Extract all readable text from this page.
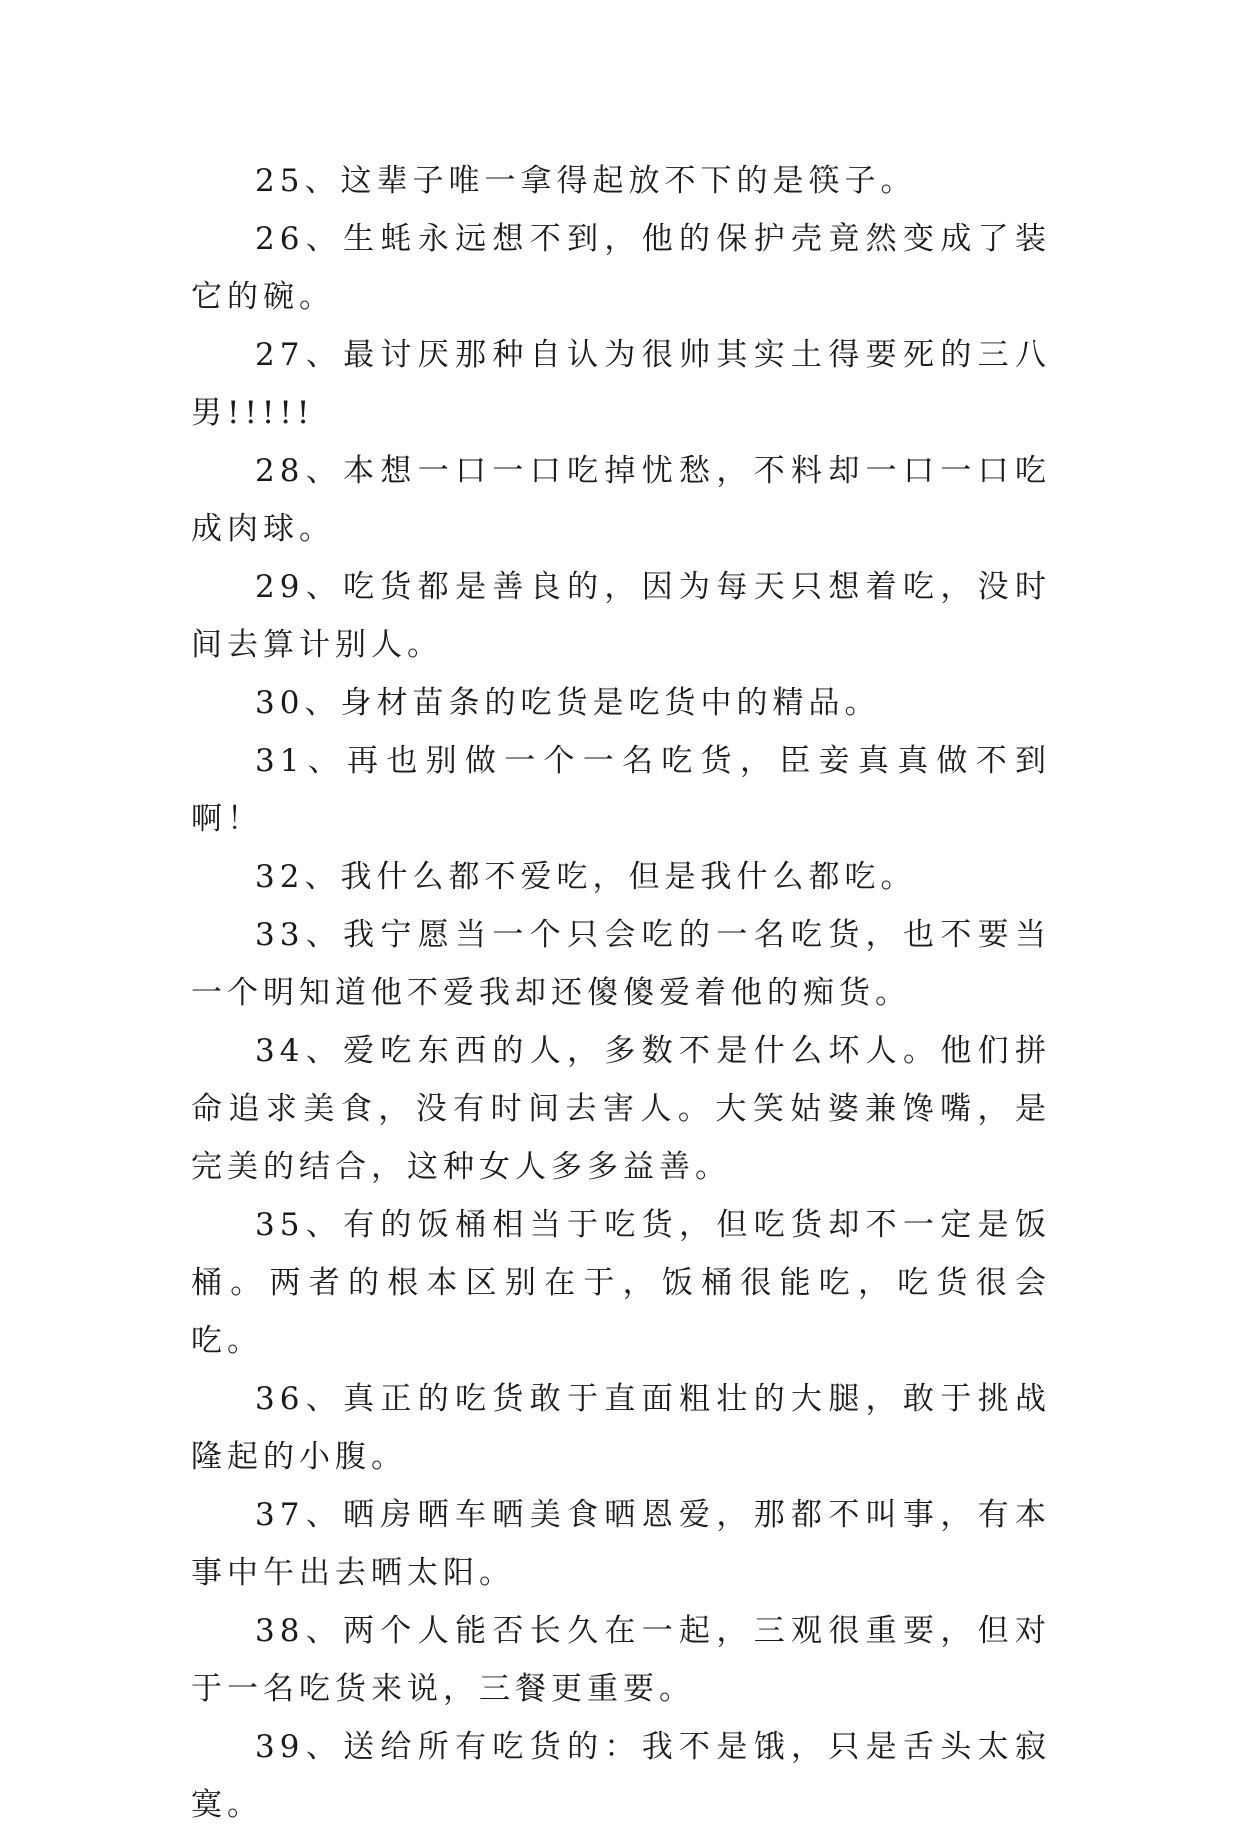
25、这辈子唯一拿得起放不下的是筷子。

26、生蚝永远想不到，他的保护壳竟然变成了装它的碗。

27、最讨厌那种自认为很帅其实土得要死的三八男!!!!!

28、本想一口一口吃掉忧愁，不料却一口一口吃成肉球。

29、吃货都是善良的，因为每天只想着吃，没时间去算计别人。

30、身材苗条的吃货是吃货中的精品。

31、再也别做一个一名吃货，臣妾真真做不到啊！

32、我什么都不爱吃，但是我什么都吃。

33、我宁愿当一个只会吃的一名吃货，也不要当一个明知道他不爱我却还傻傻爱着他的痴货。

34、爱吃东西的人，多数不是什么坏人。他们拼命追求美食，没有时间去害人。大笑姑婆兼馋嘴，是完美的结合，这种女人多多益善。

35、有的饭桶相当于吃货，但吃货却不一定是饭桶。两者的根本区别在于，饭桶很能吃，吃货很会吃。

36、真正的吃货敢于直面粗壮的大腿，敢于挑战隆起的小腹。

37、晒房晒车晒美食晒恩爱，那都不叫事，有本事中午出去晒太阳。

38、两个人能否长久在一起，三观很重要，但对于一名吃货来说，三餐更重要。

39、送给所有吃货的：我不是饿，只是舌头太寂寞。
